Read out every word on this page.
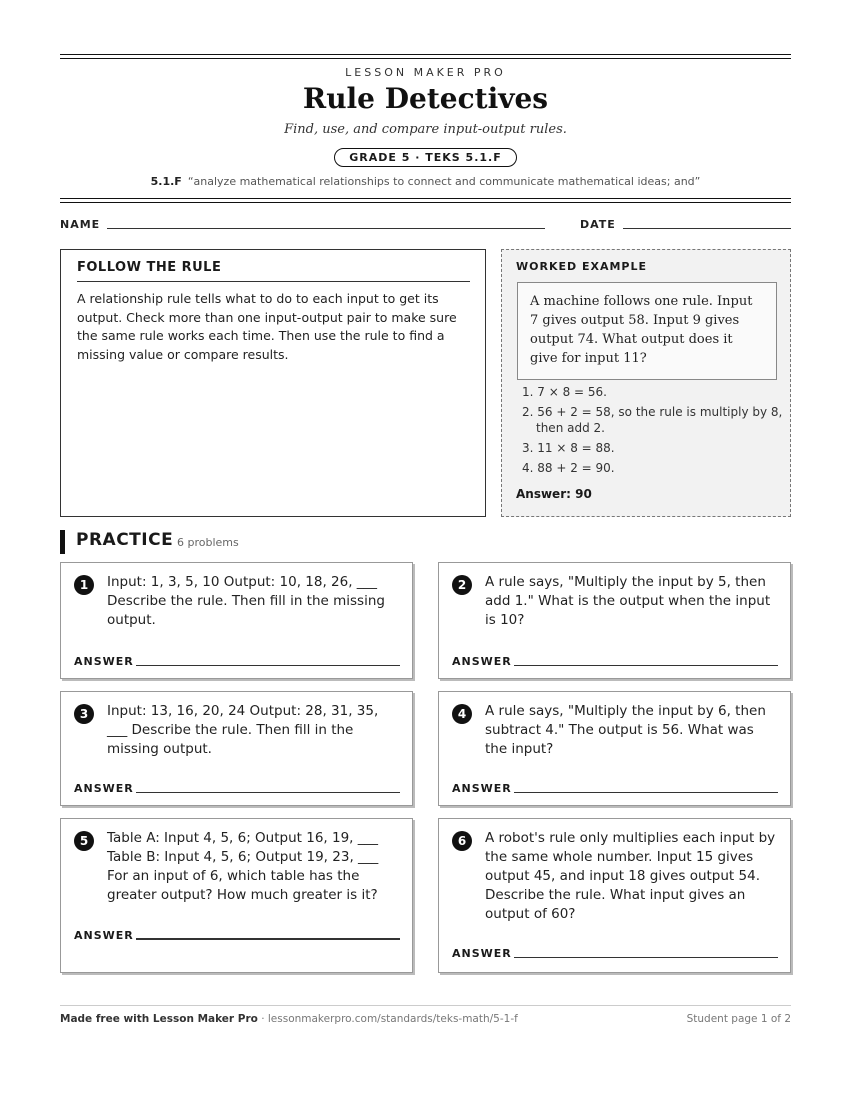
LESSON MAKER PRO
Rule Detectives
Find, use, and compare input-output rules.
GRADE 5 · TEKS 5.1.F
5.1.F “analyze mathematical relationships to connect and communicate mathematical ideas; and”
NAME	DATE
FOLLOW THE RULE

A relationship rule tells what to do to each input to get its output. Check more than one input-output pair to make sure the same rule works each time. Then use the rule to find a missing value or compare results.

WORKED EXAMPLE
A machine follows one rule. Input 7 gives output 58. Input 9 gives output 74. What output does it give for input 11?
1. 7 × 8 = 56.
2. 56 + 2 = 58, so the rule is multiply by 8, then add 2.
3. 11 × 8 = 88.
4. 88 + 2 = 90.
Answer: 90
PRACTICE 6 problems
1	Input: 1, 3, 5, 10 Output: 10, 18, 26, ___ Describe the rule. Then fill in the missing output.
ANSWER
2	A rule says, "Multiply the input by 5, then add 1." What is the output when the input is 10?
ANSWER
3	Input: 13, 16, 20, 24 Output: 28, 31, 35, ___ Describe the rule. Then fill in the missing output.
ANSWER
4	A rule says, "Multiply the input by 6, then subtract 4." The output is 56. What was the input?
ANSWER
5	Table A: Input 4, 5, 6; Output 16, 19, ___ Table B: Input 4, 5, 6; Output 19, 23, ___ For an input of 6, which table has the greater output? How much greater is it?
ANSWER
6	A robot's rule only multiplies each input by the same whole number. Input 15 gives output 45, and input 18 gives output 54. Describe the rule. What input gives an output of 60?
ANSWER
Made free with Lesson Maker Pro · lessonmakerpro.com/standards/teks-math/5-1-f	Student page 1 of 2
